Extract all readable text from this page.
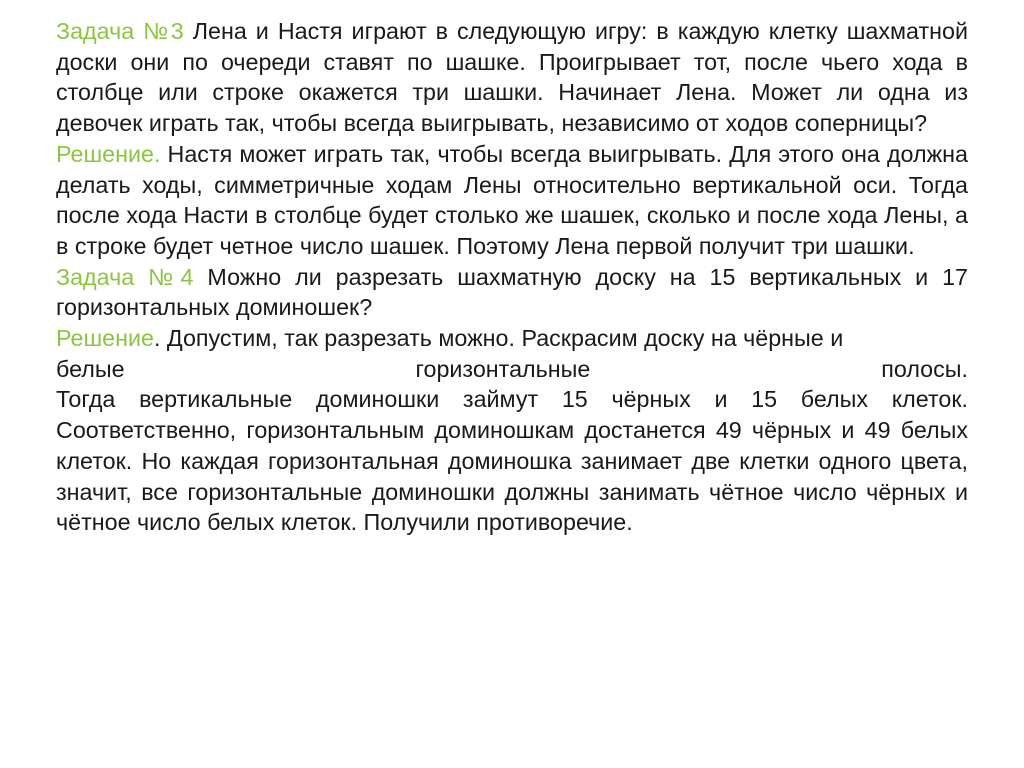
Задача №3 Лена и Настя играют в следующую игру: в каждую клетку шахматной доски они по очереди ставят по шашке. Проигрывает тот, после чьего хода в столбце или строке окажется три шашки. Начинает Лена. Может ли одна из девочек играть так, чтобы всегда выигрывать, независимо от ходов соперницы?

Решение. Настя может играть так, чтобы всегда выигрывать. Для этого она должна делать ходы, симметричные ходам Лены относительно вертикальной оси. Тогда после хода Насти в столбце будет столько же шашек, сколько и после хода Лены, а в строке будет четное число шашек. Поэтому Лена первой получит три шашки.

Задача №4 Можно ли разрезать шахматную доску на 15 вертикальных и 17 горизонтальных доминошек?

Решение. Допустим, так разрезать можно. Раскрасим доску на чёрные и
белые горизонтальные полосы.
Тогда вертикальные доминошки займут 15 чёрных и 15 белых клеток. Соответственно, горизонтальным доминошкам достанется 49 чёрных и 49 белых клеток. Но каждая горизонтальная доминошка занимает две клетки одного цвета, значит, все горизонтальные доминошки должны занимать чётное число чёрных и чётное число белых клеток. Получили противоречие.
